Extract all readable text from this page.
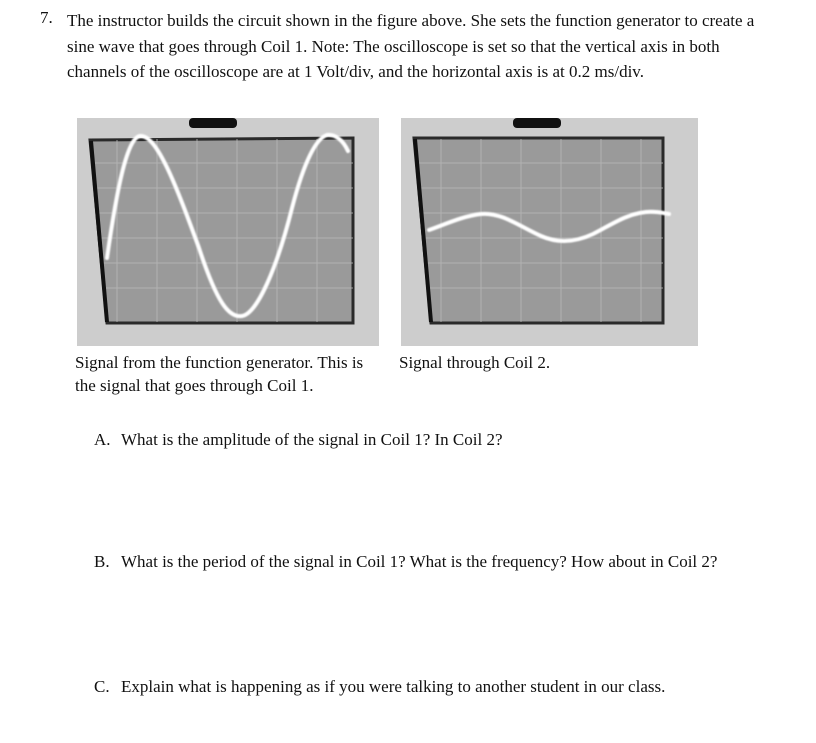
7. The instructor builds the circuit shown in the figure above. She sets the function generator to create a sine wave that goes through Coil 1. Note: The oscilloscope is set so that the vertical axis in both channels of the oscilloscope are at 1 Volt/div, and the horizontal axis is at 0.2 ms/div.
Signal from the function generator. This is the signal that goes through Coil 1.
Signal through Coil 2.
A. What is the amplitude of the signal in Coil 1? In Coil 2?
B. What is the period of the signal in Coil 1? What is the frequency? How about in Coil 2?
C. Explain what is happening as if you were talking to another student in our class.
